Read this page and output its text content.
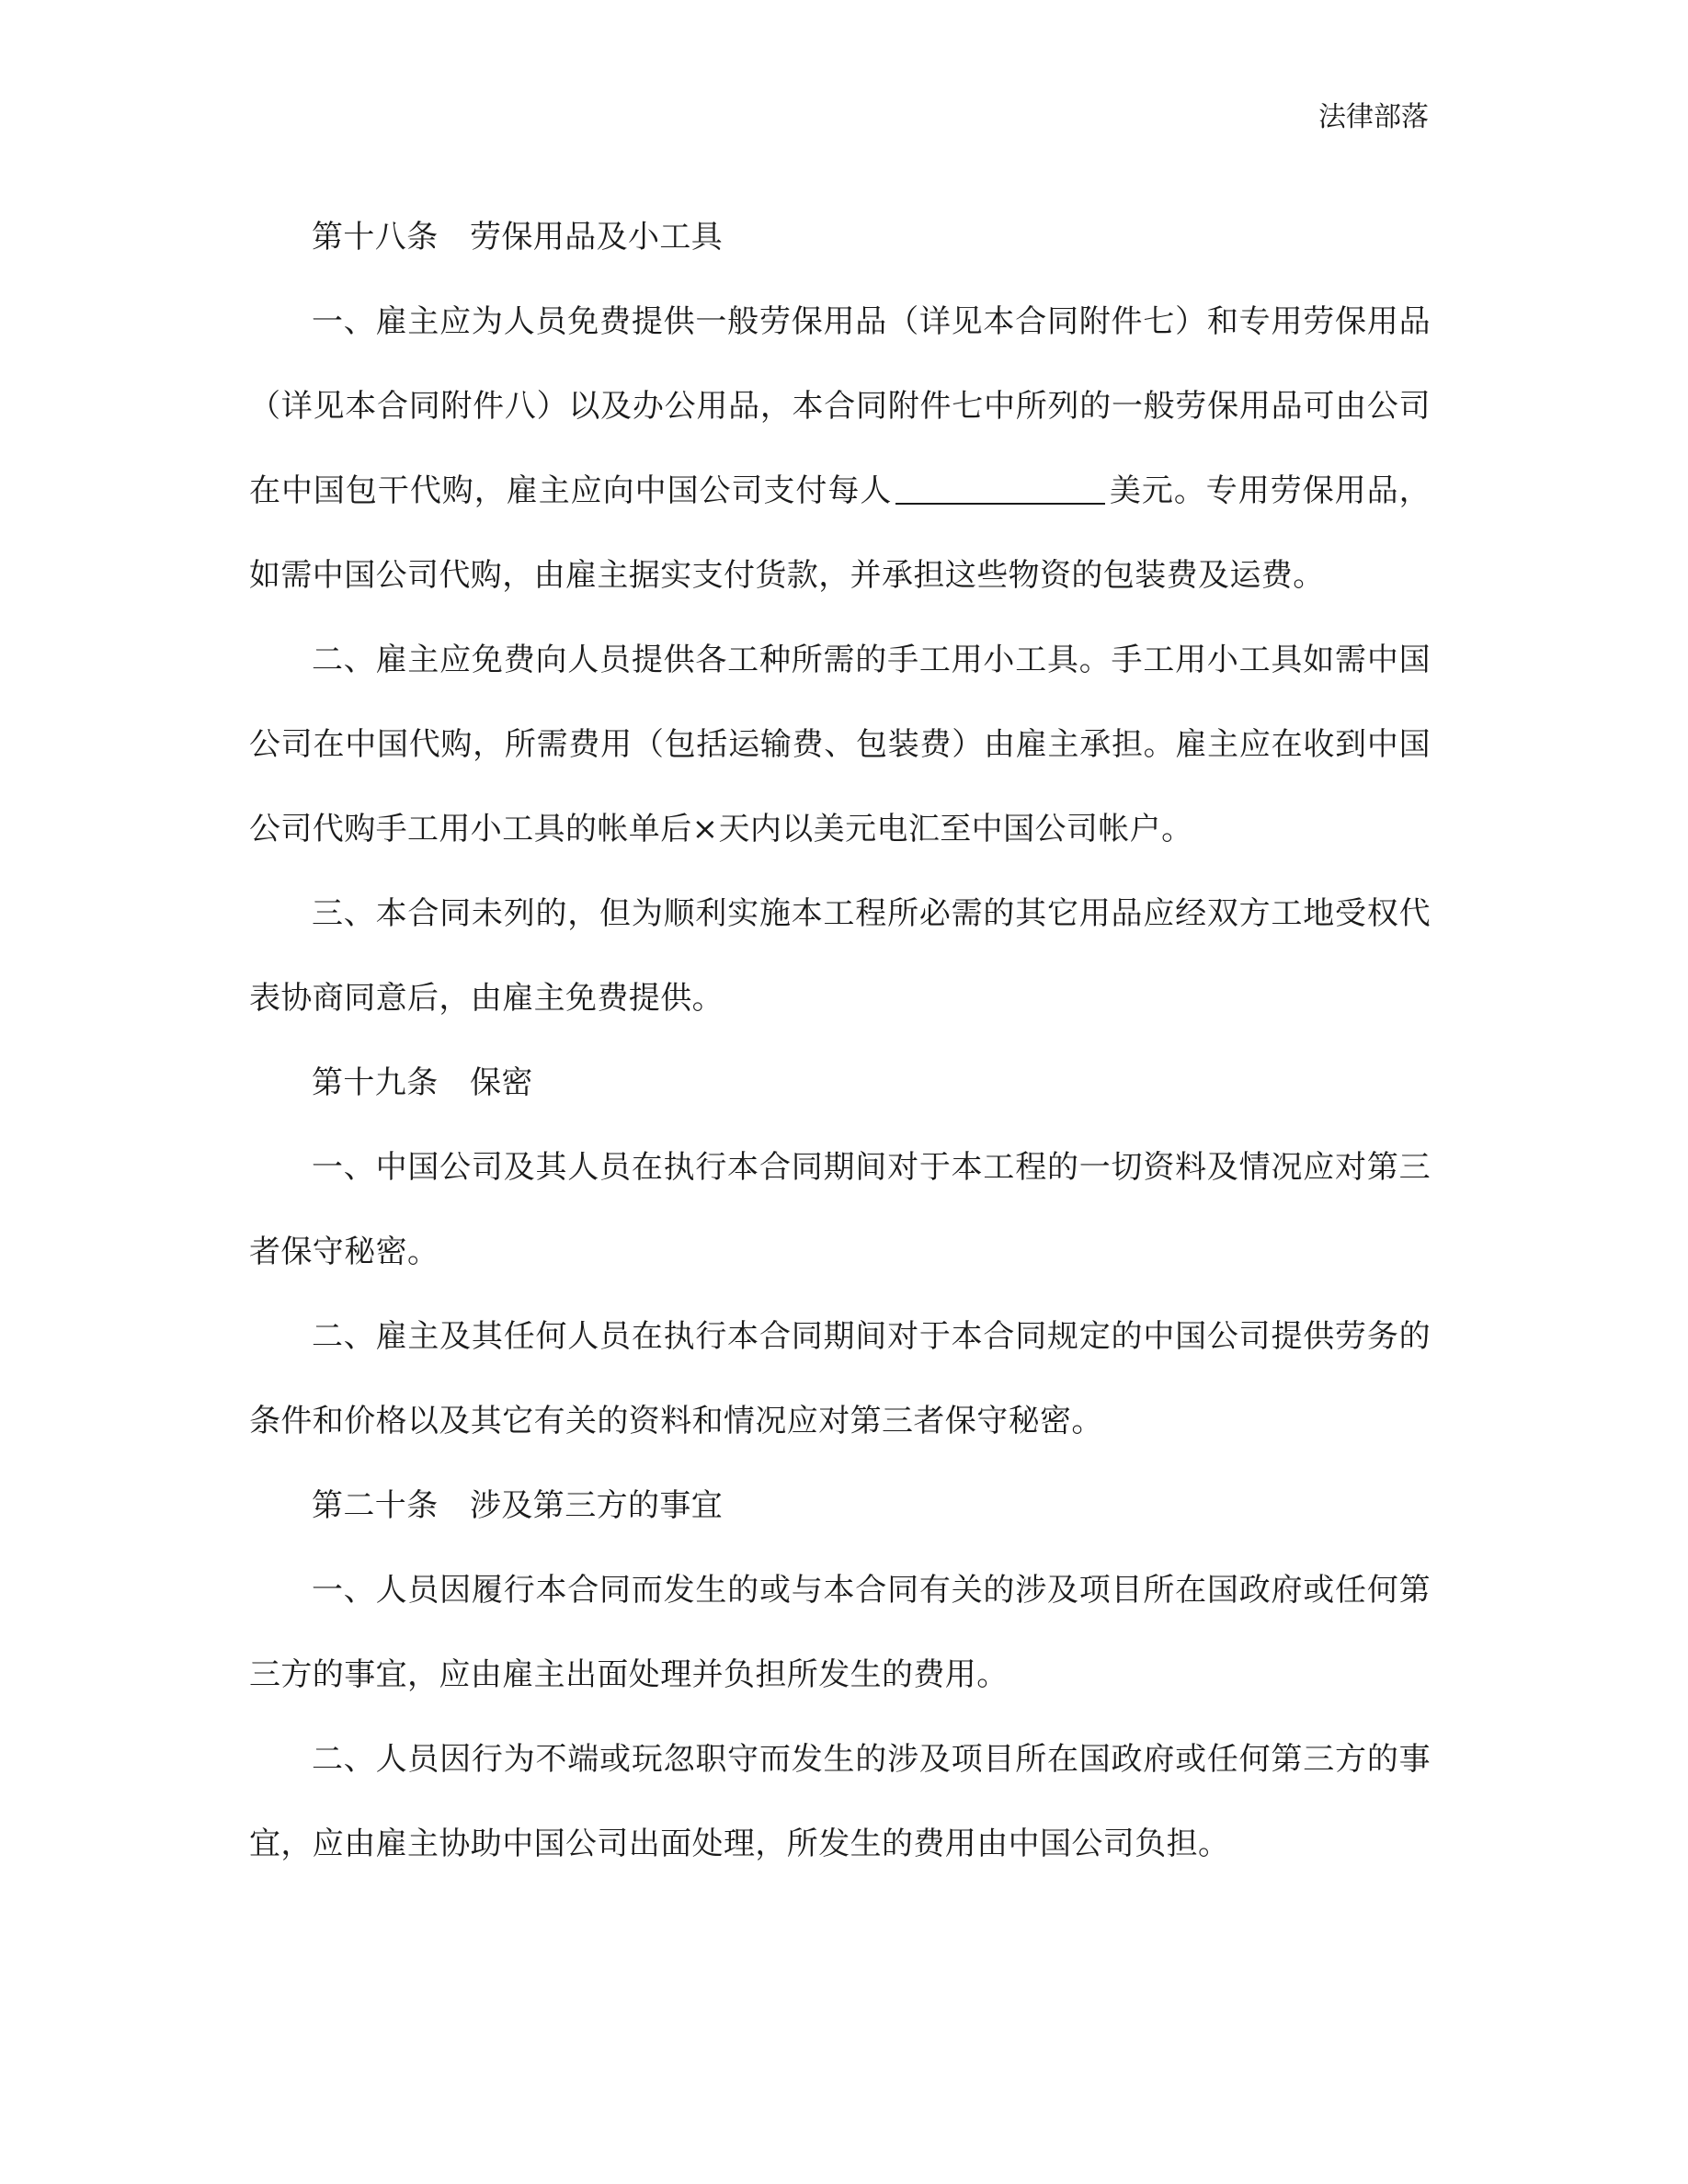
法律部落

第十八条　劳保用品及小工具

一、雇主应为人员免费提供一般劳保用品（详见本合同附件七）和专用劳保用品（详见本合同附件八）以及办公用品，本合同附件七中所列的一般劳保用品可由公司在中国包干代购，雇主应向中国公司支付每人	美元。专用劳保用品，如需中国公司代购，由雇主据实支付货款，并承担这些物资的包装费及运费。

二、雇主应免费向人员提供各工种所需的手工用小工具。手工用小工具如需中国公司在中国代购，所需费用（包括运输费、包装费）由雇主承担。雇主应在收到中国公司代购手工用小工具的帐单后×天内以美元电汇至中国公司帐户。

三、本合同未列的，但为顺利实施本工程所必需的其它用品应经双方工地受权代表协商同意后，由雇主免费提供。

第十九条　保密

一、中国公司及其人员在执行本合同期间对于本工程的一切资料及情况应对第三者保守秘密。

二、雇主及其任何人员在执行本合同期间对于本合同规定的中国公司提供劳务的条件和价格以及其它有关的资料和情况应对第三者保守秘密。

第二十条　涉及第三方的事宜

一、人员因履行本合同而发生的或与本合同有关的涉及项目所在国政府或任何第三方的事宜，应由雇主出面处理并负担所发生的费用。

二、人员因行为不端或玩忽职守而发生的涉及项目所在国政府或任何第三方的事宜，应由雇主协助中国公司出面处理，所发生的费用由中国公司负担。
